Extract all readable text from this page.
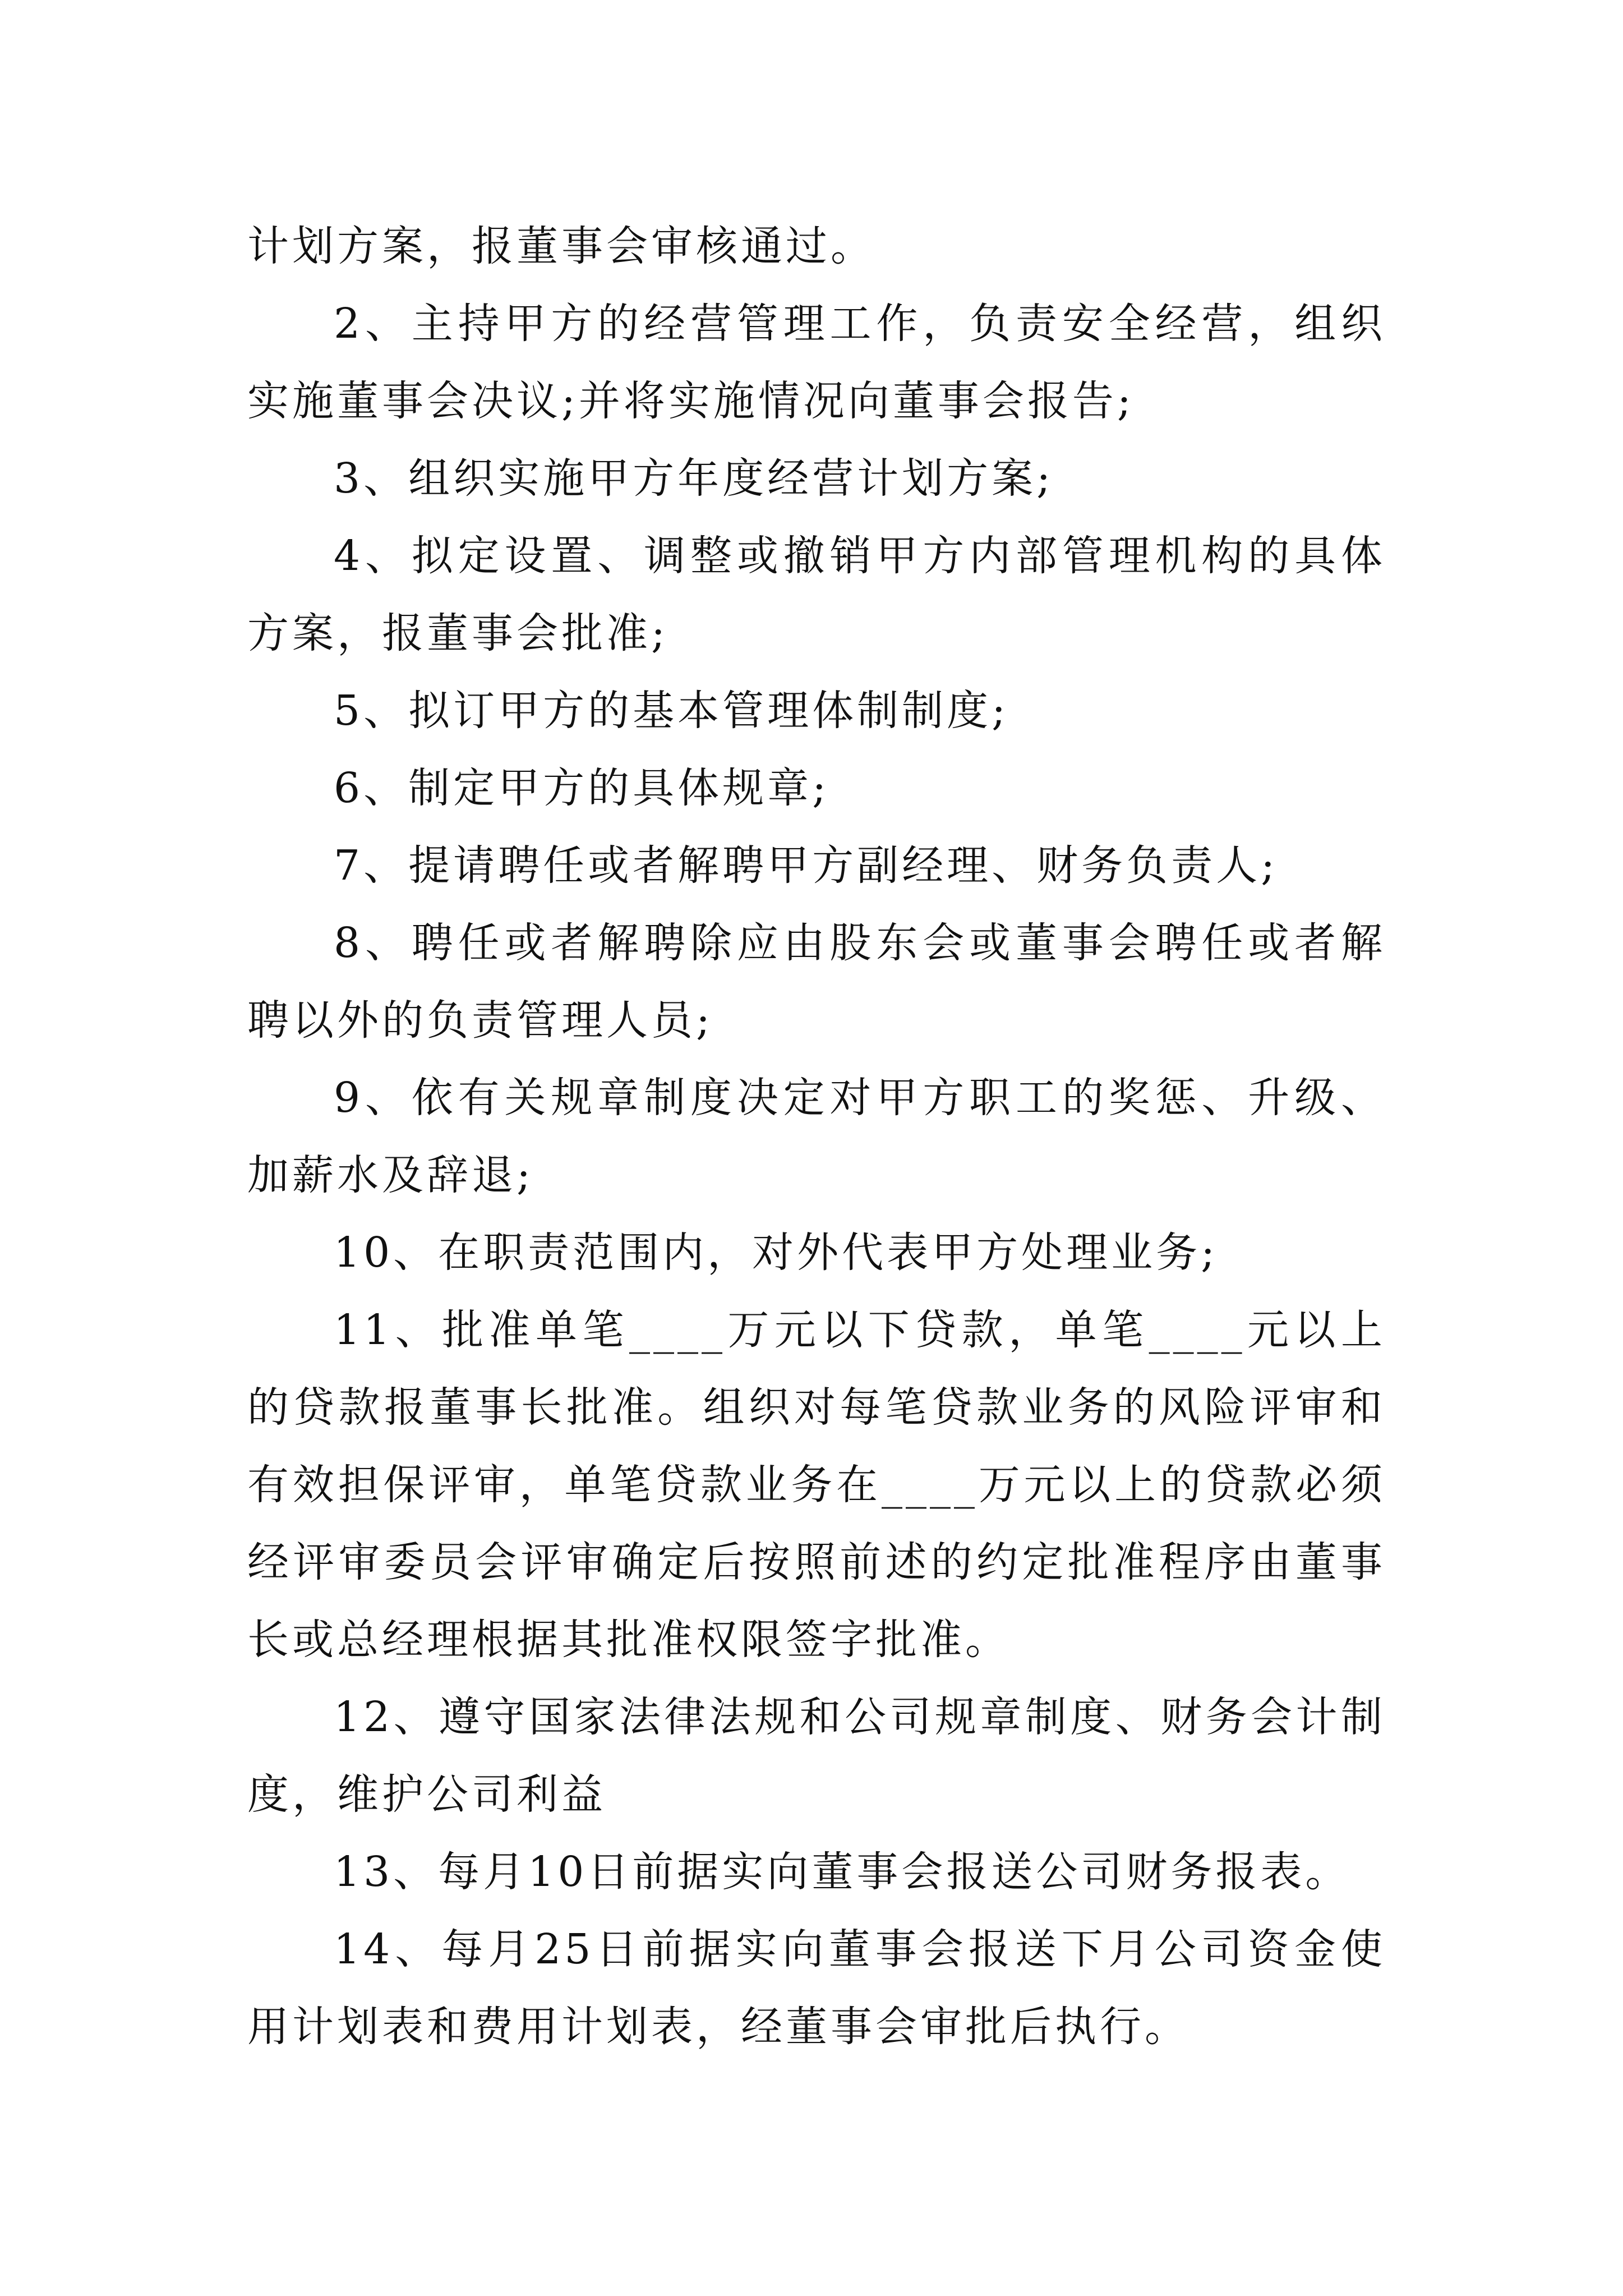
计划方案，报董事会审核通过。

2、主持甲方的经营管理工作，负责安全经营，组织实施董事会决议;并将实施情况向董事会报告;

3、组织实施甲方年度经营计划方案;

4、拟定设置、调整或撤销甲方内部管理机构的具体方案，报董事会批准;

5、拟订甲方的基本管理体制制度;

6、制定甲方的具体规章;

7、提请聘任或者解聘甲方副经理、财务负责人;

8、聘任或者解聘除应由股东会或董事会聘任或者解聘以外的负责管理人员;

9、依有关规章制度决定对甲方职工的奖惩、升级、加薪水及辞退;

10、在职责范围内，对外代表甲方处理业务;

11、批准单笔____万元以下贷款，单笔____元以上的贷款报董事长批准。组织对每笔贷款业务的风险评审和有效担保评审，单笔贷款业务在____万元以上的贷款必须经评审委员会评审确定后按照前述的约定批准程序由董事长或总经理根据其批准权限签字批准。

12、遵守国家法律法规和公司规章制度、财务会计制度，维护公司利益

13、每月10日前据实向董事会报送公司财务报表。

14、每月25日前据实向董事会报送下月公司资金使用计划表和费用计划表，经董事会审批后执行。
